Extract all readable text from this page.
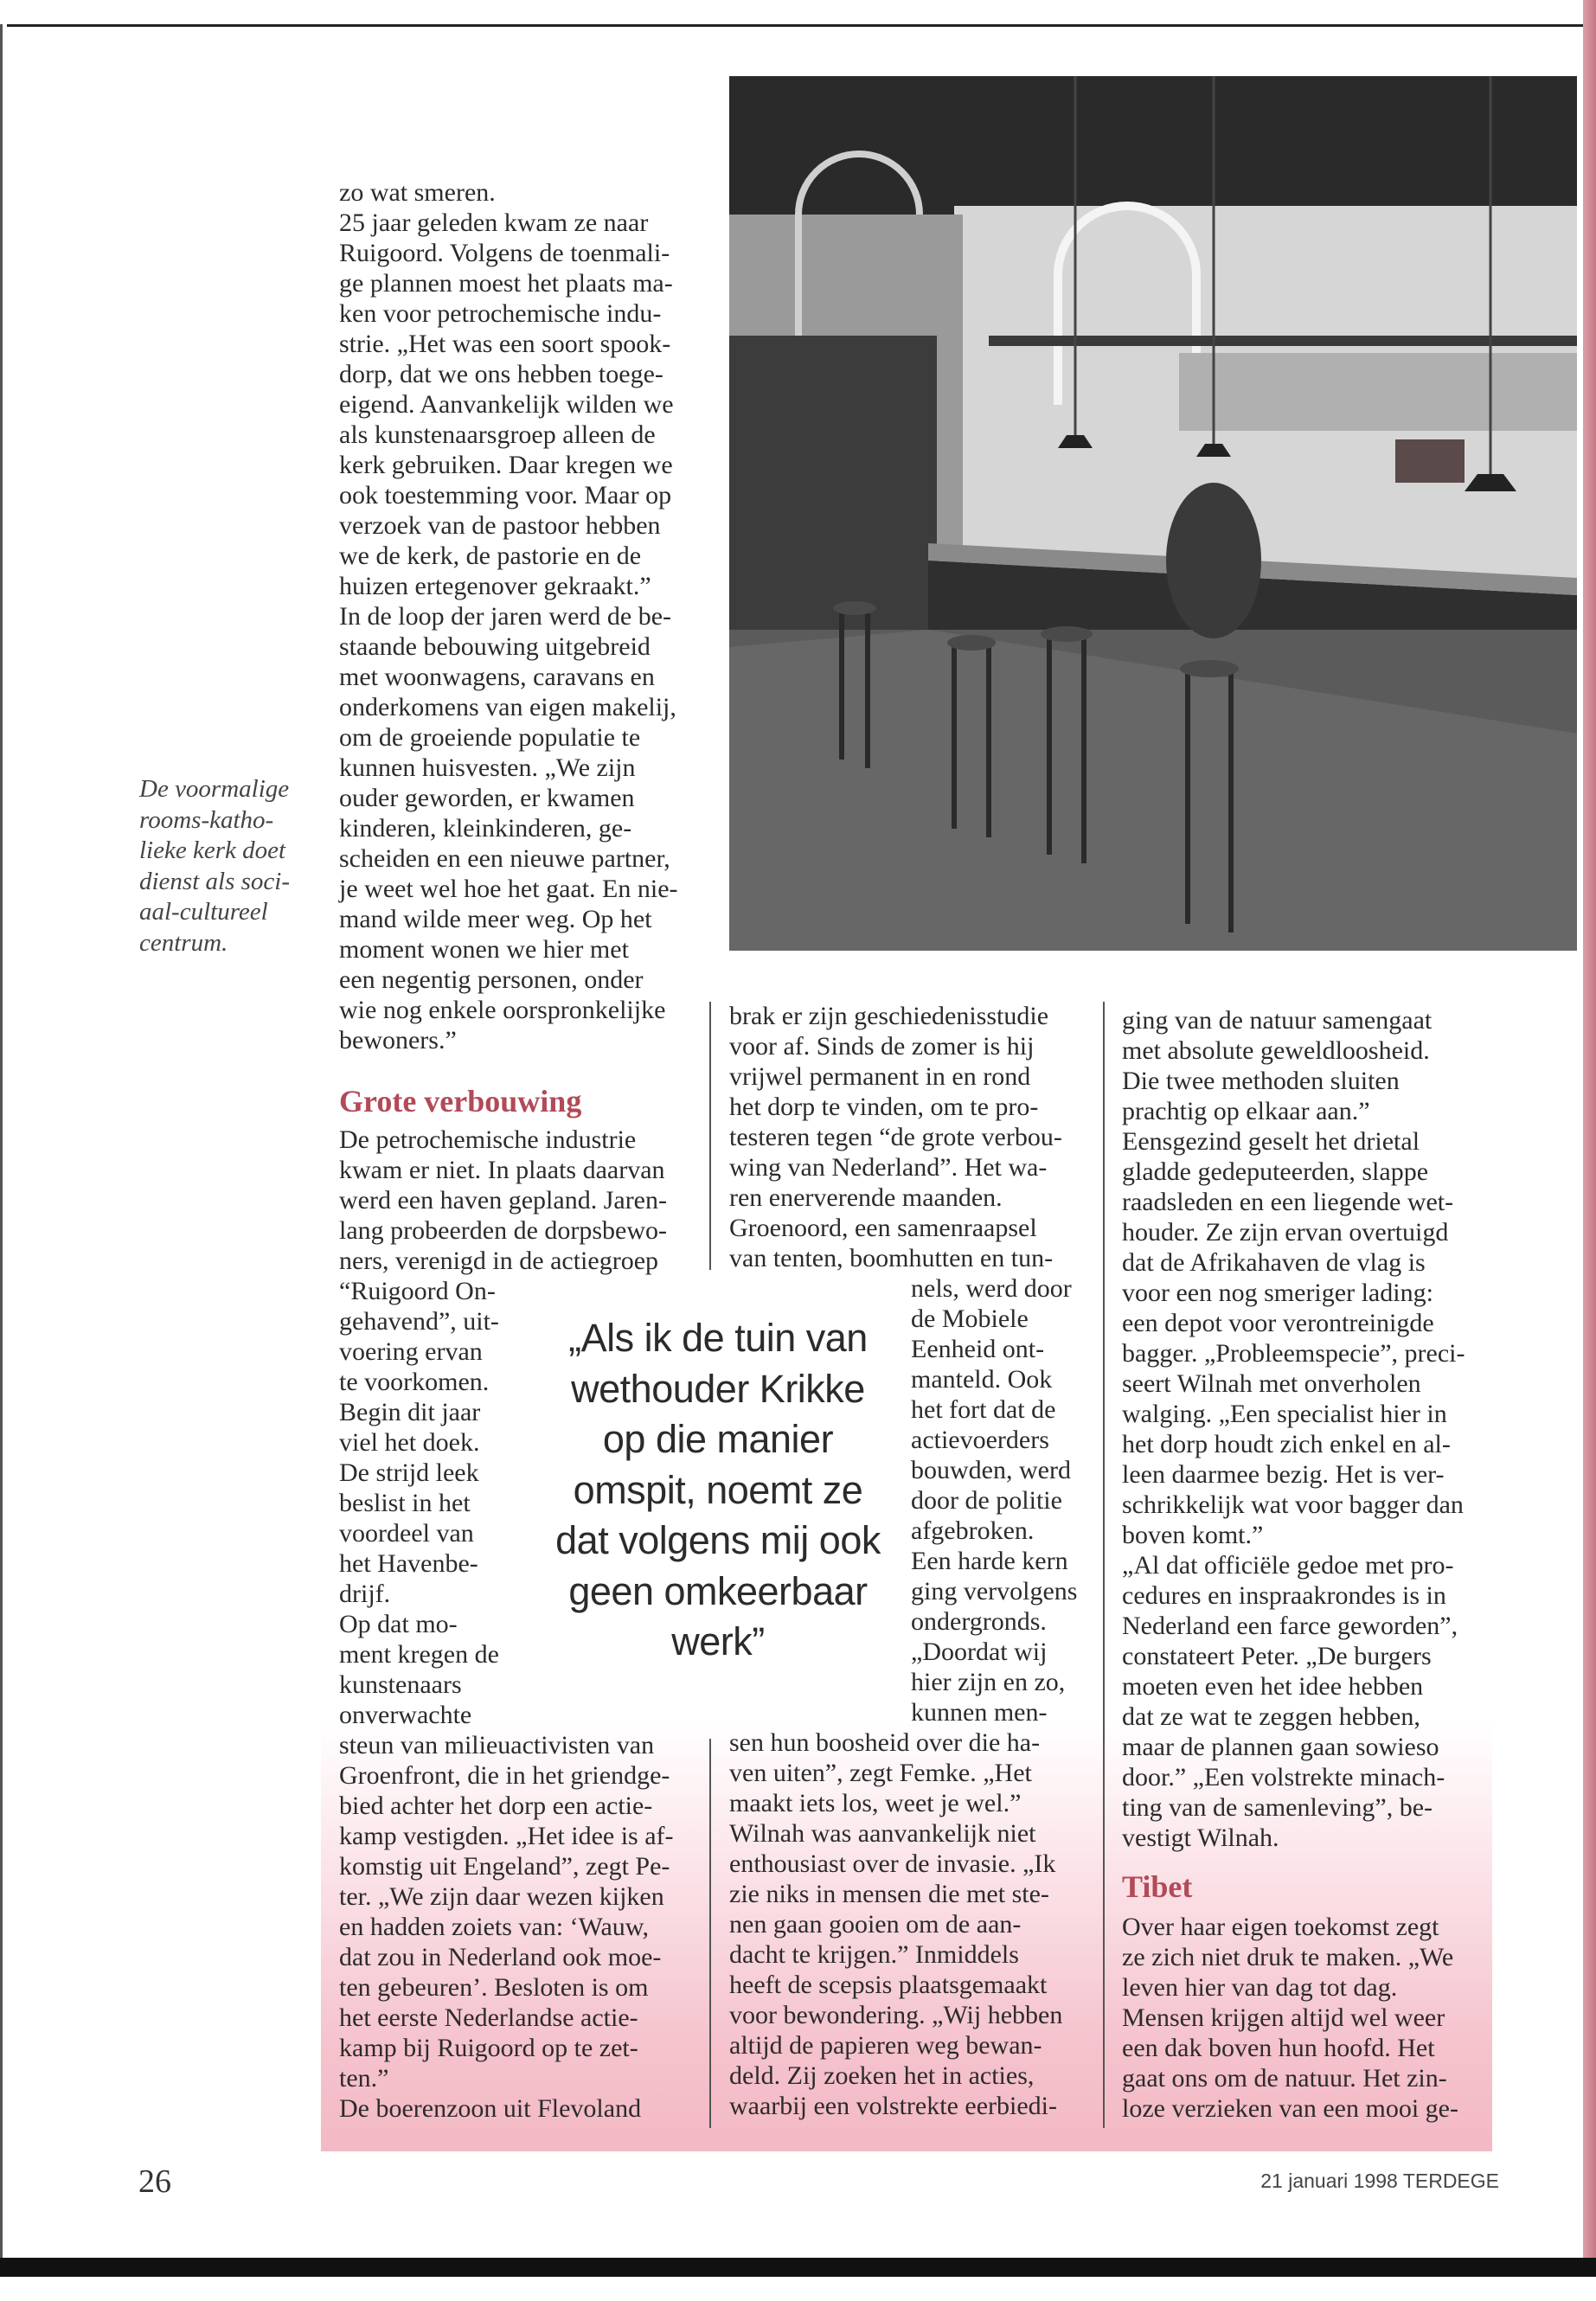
De voormalige
rooms-katho-
lieke kerk doet
dienst als soci-
aal-cultureel
centrum.
zo wat smeren.
25 jaar geleden kwam ze naar
Ruigoord. Volgens de toenmali-
ge plannen moest het plaats ma-
ken voor petrochemische indu-
strie. „Het was een soort spook-
dorp, dat we ons hebben toege-
eigend. Aanvankelijk wilden we
als kunstenaarsgroep alleen de
kerk gebruiken. Daar kregen we
ook toestemming voor. Maar op
verzoek van de pastoor hebben
we de kerk, de pastorie en de
huizen ertegenover gekraakt.”
In de loop der jaren werd de be-
staande bebouwing uitgebreid
met woonwagens, caravans en
onderkomens van eigen makelij,
om de groeiende populatie te
kunnen huisvesten. „We zijn
ouder geworden, er kwamen
kinderen, kleinkinderen, ge-
scheiden en een nieuwe partner,
je weet wel hoe het gaat. En nie-
mand wilde meer weg. Op het
moment wonen we hier met
een negentig personen, onder
wie nog enkele oorspronkelijke
bewoners.”
Grote verbouwing
De petrochemische industrie
kwam er niet. In plaats daarvan
werd een haven gepland. Jaren-
lang probeerden de dorpsbewo-
ners, verenigd in de actiegroep
“Ruigoord On-
gehavend”, uit-
voering ervan
te voorkomen.
Begin dit jaar
viel het doek.
De strijd leek
beslist in het
voordeel van
het Havenbe-
drijf.
Op dat mo-
ment kregen de
kunstenaars
onverwachte
steun van milieuactivisten van
Groenfront, die in het griendge-
bied achter het dorp een actie-
kamp vestigden. „Het idee is af-
komstig uit Engeland”, zegt Pe-
ter. „We zijn daar wezen kijken
en hadden zoiets van: ‘Wauw,
dat zou in Nederland ook moe-
ten gebeuren’. Besloten is om
het eerste Nederlandse actie-
kamp bij Ruigoord op te zet-
ten.”
De boerenzoon uit Flevoland
brak er zijn geschiedenisstudie
voor af. Sinds de zomer is hij
vrijwel permanent in en rond
het dorp te vinden, om te pro-
testeren tegen “de grote verbou-
wing van Nederland”. Het wa-
ren enerverende maanden.
Groenoord, een samenraapsel
van tenten, boomhutten en tun-
nels, werd door
de Mobiele
Eenheid ont-
manteld. Ook
het fort dat de
actievoerders
bouwden, werd
door de politie
afgebroken.
Een harde kern
ging vervolgens
ondergronds.
„Doordat wij
hier zijn en zo,
kunnen men-
sen hun boosheid over die ha-
ven uiten”, zegt Femke. „Het
maakt iets los, weet je wel.”
Wilnah was aanvankelijk niet
enthousiast over de invasie. „Ik
zie niks in mensen die met ste-
nen gaan gooien om de aan-
dacht te krijgen.” Inmiddels
heeft de scepsis plaatsgemaakt
voor bewondering. „Wij hebben
altijd de papieren weg bewan-
deld. Zij zoeken het in acties,
waarbij een volstrekte eerbiedi-
ging van de natuur samengaat
met absolute geweldloosheid.
Die twee methoden sluiten
prachtig op elkaar aan.”
Eensgezind geselt het drietal
gladde gedeputeerden, slappe
raadsleden en een liegende wet-
houder. Ze zijn ervan overtuigd
dat de Afrikahaven de vlag is
voor een nog smeriger lading:
een depot voor verontreinigde
bagger. „Probleemspecie”, preci-
seert Wilnah met onverholen
walging. „Een specialist hier in
het dorp houdt zich enkel en al-
leen daarmee bezig. Het is ver-
schrikkelijk wat voor bagger dan
boven komt.”
„Al dat officiële gedoe met pro-
cedures en inspraakrondes is in
Nederland een farce geworden”,
constateert Peter. „De burgers
moeten even het idee hebben
dat ze wat te zeggen hebben,
maar de plannen gaan sowieso
door.” „Een volstrekte minach-
ting van de samenleving”, be-
vestigt Wilnah.
Tibet
Over haar eigen toekomst zegt
ze zich niet druk te maken. „We
leven hier van dag tot dag.
Mensen krijgen altijd wel weer
een dak boven hun hoofd. Het
gaat ons om de natuur. Het zin-
loze verzieken van een mooi ge-
„Als ik de tuin van
wethouder Krikke
op die manier
omspit, noemt ze
dat volgens mij ook
geen omkeerbaar
werk”
26	21 januari 1998 TERDEGE
